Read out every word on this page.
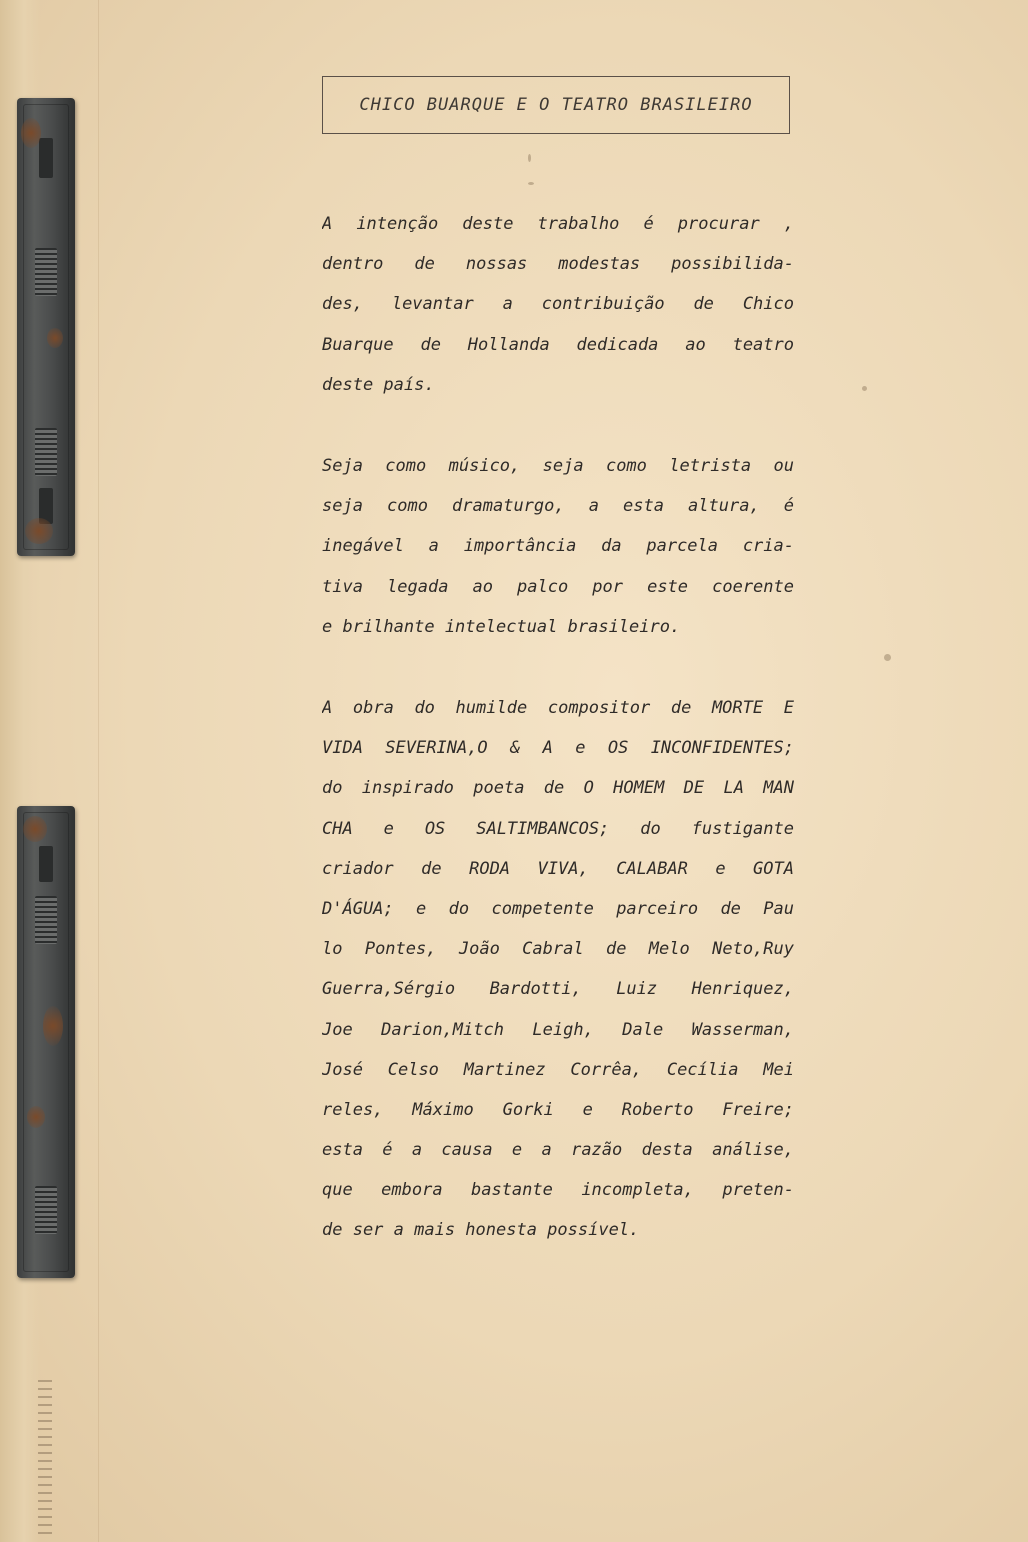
CHICO BUARQUE E O TEATRO BRASILEIRO
A intenção deste trabalho é procurar ,
dentro de nossas modestas possibilida-
des, levantar a contribuição de Chico
Buarque de Hollanda dedicada ao teatro
deste país.
Seja como músico, seja como letrista ou
seja como dramaturgo, a esta altura, é
inegável a importância da parcela cria-
tiva legada ao palco por este coerente
e brilhante intelectual brasileiro.
A obra do humilde compositor de MORTE E
VIDA SEVERINA,O & A e OS INCONFIDENTES;
do inspirado poeta de O HOMEM DE LA MAN
CHA e OS SALTIMBANCOS; do fustigante
criador de RODA VIVA, CALABAR e GOTA
D'ÁGUA; e do competente parceiro de Pau
lo Pontes, João Cabral de Melo Neto,Ruy
Guerra,Sérgio Bardotti, Luiz Henriquez,
Joe Darion,Mitch Leigh, Dale Wasserman,
José Celso Martinez Corrêa, Cecília Mei
reles, Máximo Gorki e Roberto Freire;
esta é a causa e a razão desta análise,
que embora bastante incompleta, preten-
de ser a mais honesta possível.
